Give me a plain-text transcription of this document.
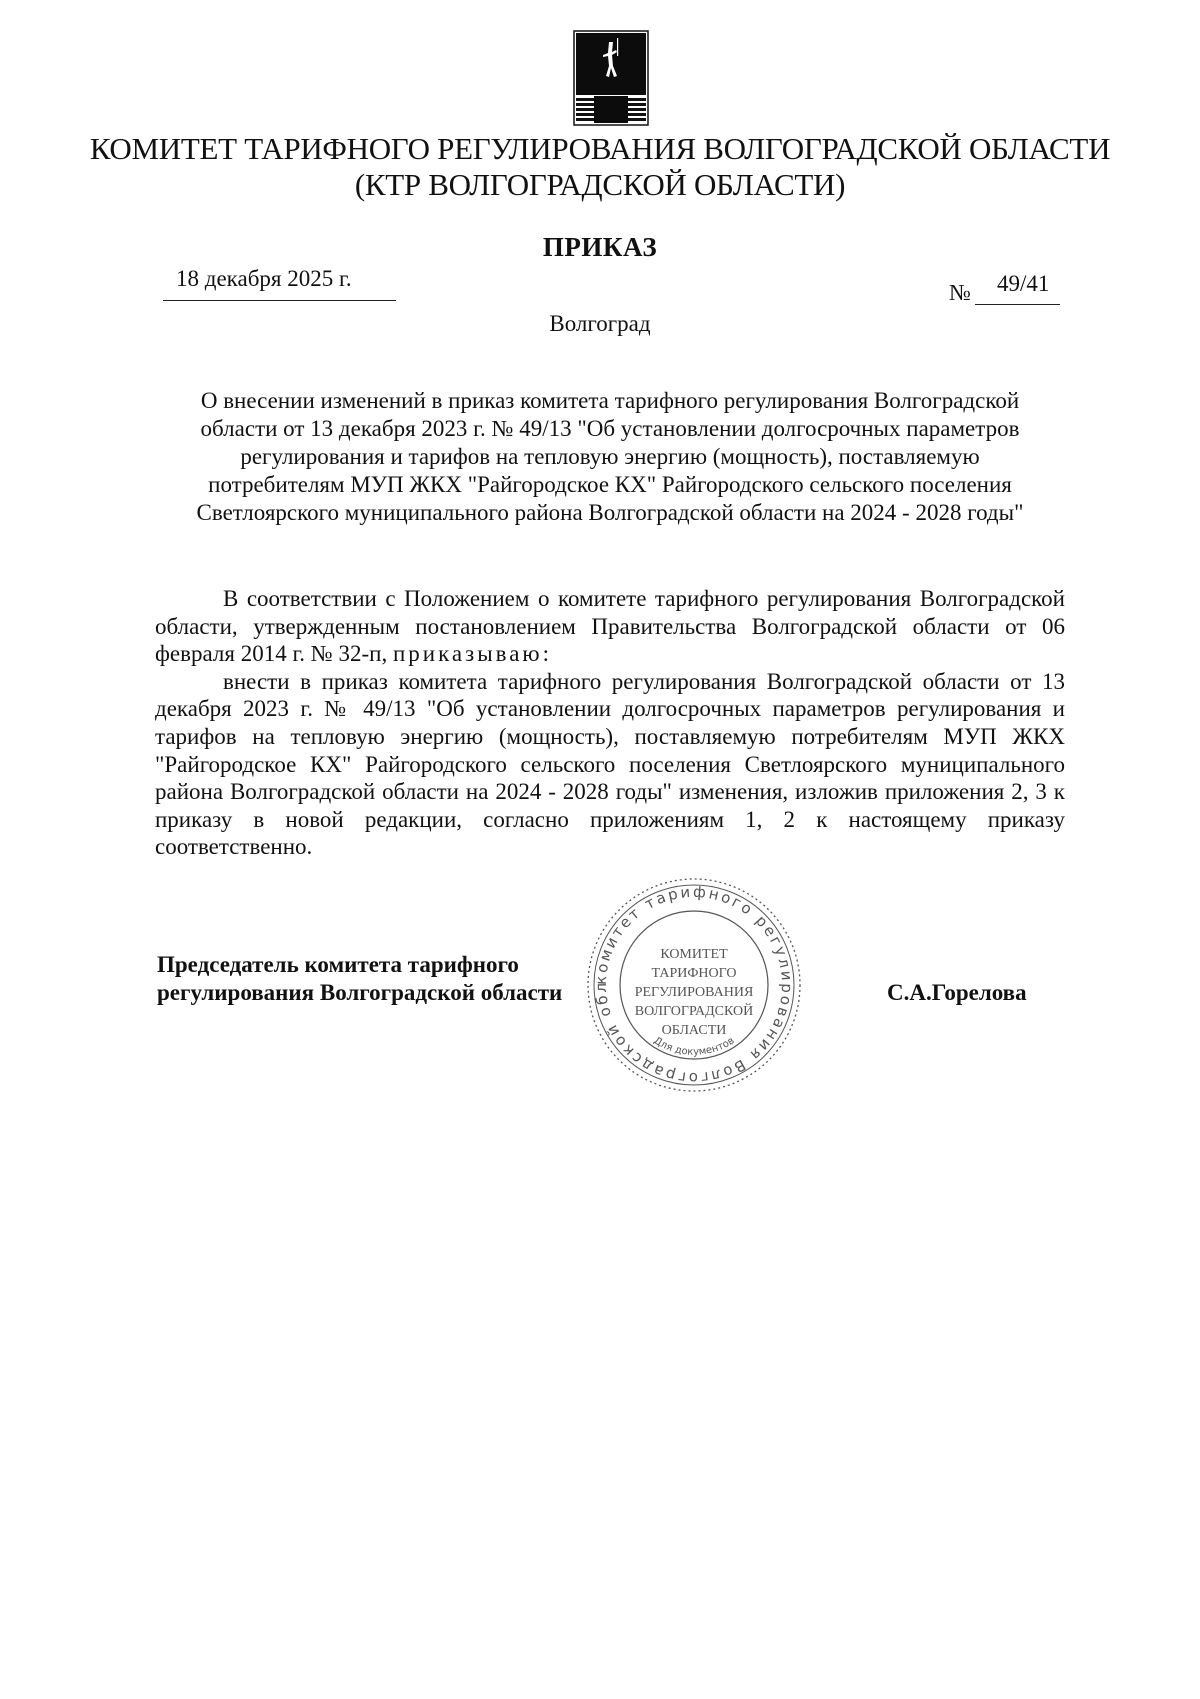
КОМИТЕТ ТАРИФНОГО РЕГУЛИРОВАНИЯ ВОЛГОГРАДСКОЙ ОБЛАСТИ
(КТР ВОЛГОГРАДСКОЙ ОБЛАСТИ)
ПРИКАЗ
18 декабря 2025 г.
№ 49/41
Волгоград
О внесении изменений в приказ комитета тарифного регулирования Волгоградской
области от 13 декабря 2023 г. № 49/13 "Об установлении долгосрочных параметров
регулирования и тарифов на тепловую энергию (мощность), поставляемую
потребителям МУП ЖКХ "Райгородское КХ" Райгородского сельского поселения
Светлоярского муниципального района Волгоградской области на 2024 - 2028 годы"

В соответствии с Положением о комитете тарифного регулирования Волгоградской области, утвержденным постановлением Правительства Волгоградской области от 06 февраля 2014 г. № 32-п, приказываю:

внести в приказ комитета тарифного регулирования Волгоградской области от 13 декабря 2023 г. № 49/13 "Об установлении долгосрочных параметров регулирования и тарифов на тепловую энергию (мощность), поставляемую потребителям МУП ЖКХ "Райгородское КХ" Райгородского сельского поселения Светлоярского муниципального района Волгоградской области на 2024 - 2028 годы" изменения, изложив приложения 2, 3 к приказу в новой редакции, согласно приложениям 1, 2 к настоящему приказу соответственно.

Председатель комитета тарифного
регулирования Волгоградской области	С.А.Горелова
комитет тарифного регулирования Волгоградской обл
КОМИТЕТ
ТАРИФНОГО
РЕГУЛИРОВАНИЯ
ВОЛГОГРАДСКОЙ
ОБЛАСТИ
Для документов
